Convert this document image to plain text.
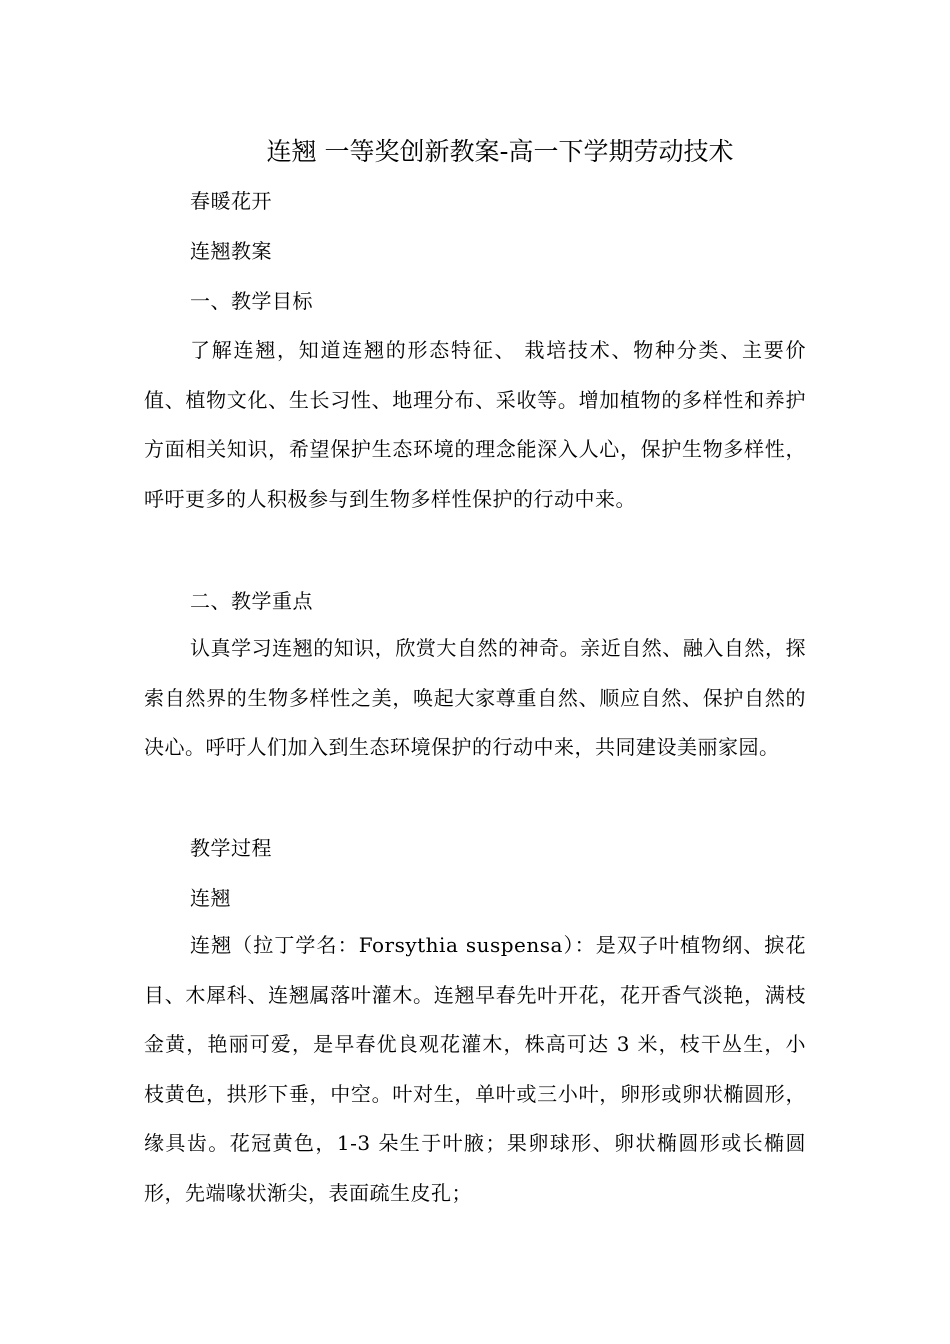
连翘 一等奖创新教案-高一下学期劳动技术
春暖花开
连翘教案
一、教学目标
了解连翘，知道连翘的形态特征、 栽培技术、物种分类、主要价值、植物文化、生长习性、地理分布、采收等。增加植物的多样性和养护方面相关知识，希望保护生态环境的理念能深入人心，保护生物多样性，呼吁更多的人积极参与到生物多样性保护的行动中来。
二、教学重点
认真学习连翘的知识，欣赏大自然的神奇。亲近自然、融入自然，探索自然界的生物多样性之美，唤起大家尊重自然、顺应自然、保护自然的决心。呼吁人们加入到生态环境保护的行动中来，共同建设美丽家园。
教学过程
连翘
连翘（拉丁学名：Forsythia suspensa）：是双子叶植物纲、捩花目、木犀科、连翘属落叶灌木。连翘早春先叶开花，花开香气淡艳，满枝金黄，艳丽可爱，是早春优良观花灌木，株高可达 3 米，枝干丛生，小枝黄色，拱形下垂，中空。叶对生，单叶或三小叶，卵形或卵状椭圆形，缘具齿。花冠黄色，1-3 朵生于叶腋；果卵球形、卵状椭圆形或长椭圆形，先端喙状渐尖，表面疏生皮孔；
